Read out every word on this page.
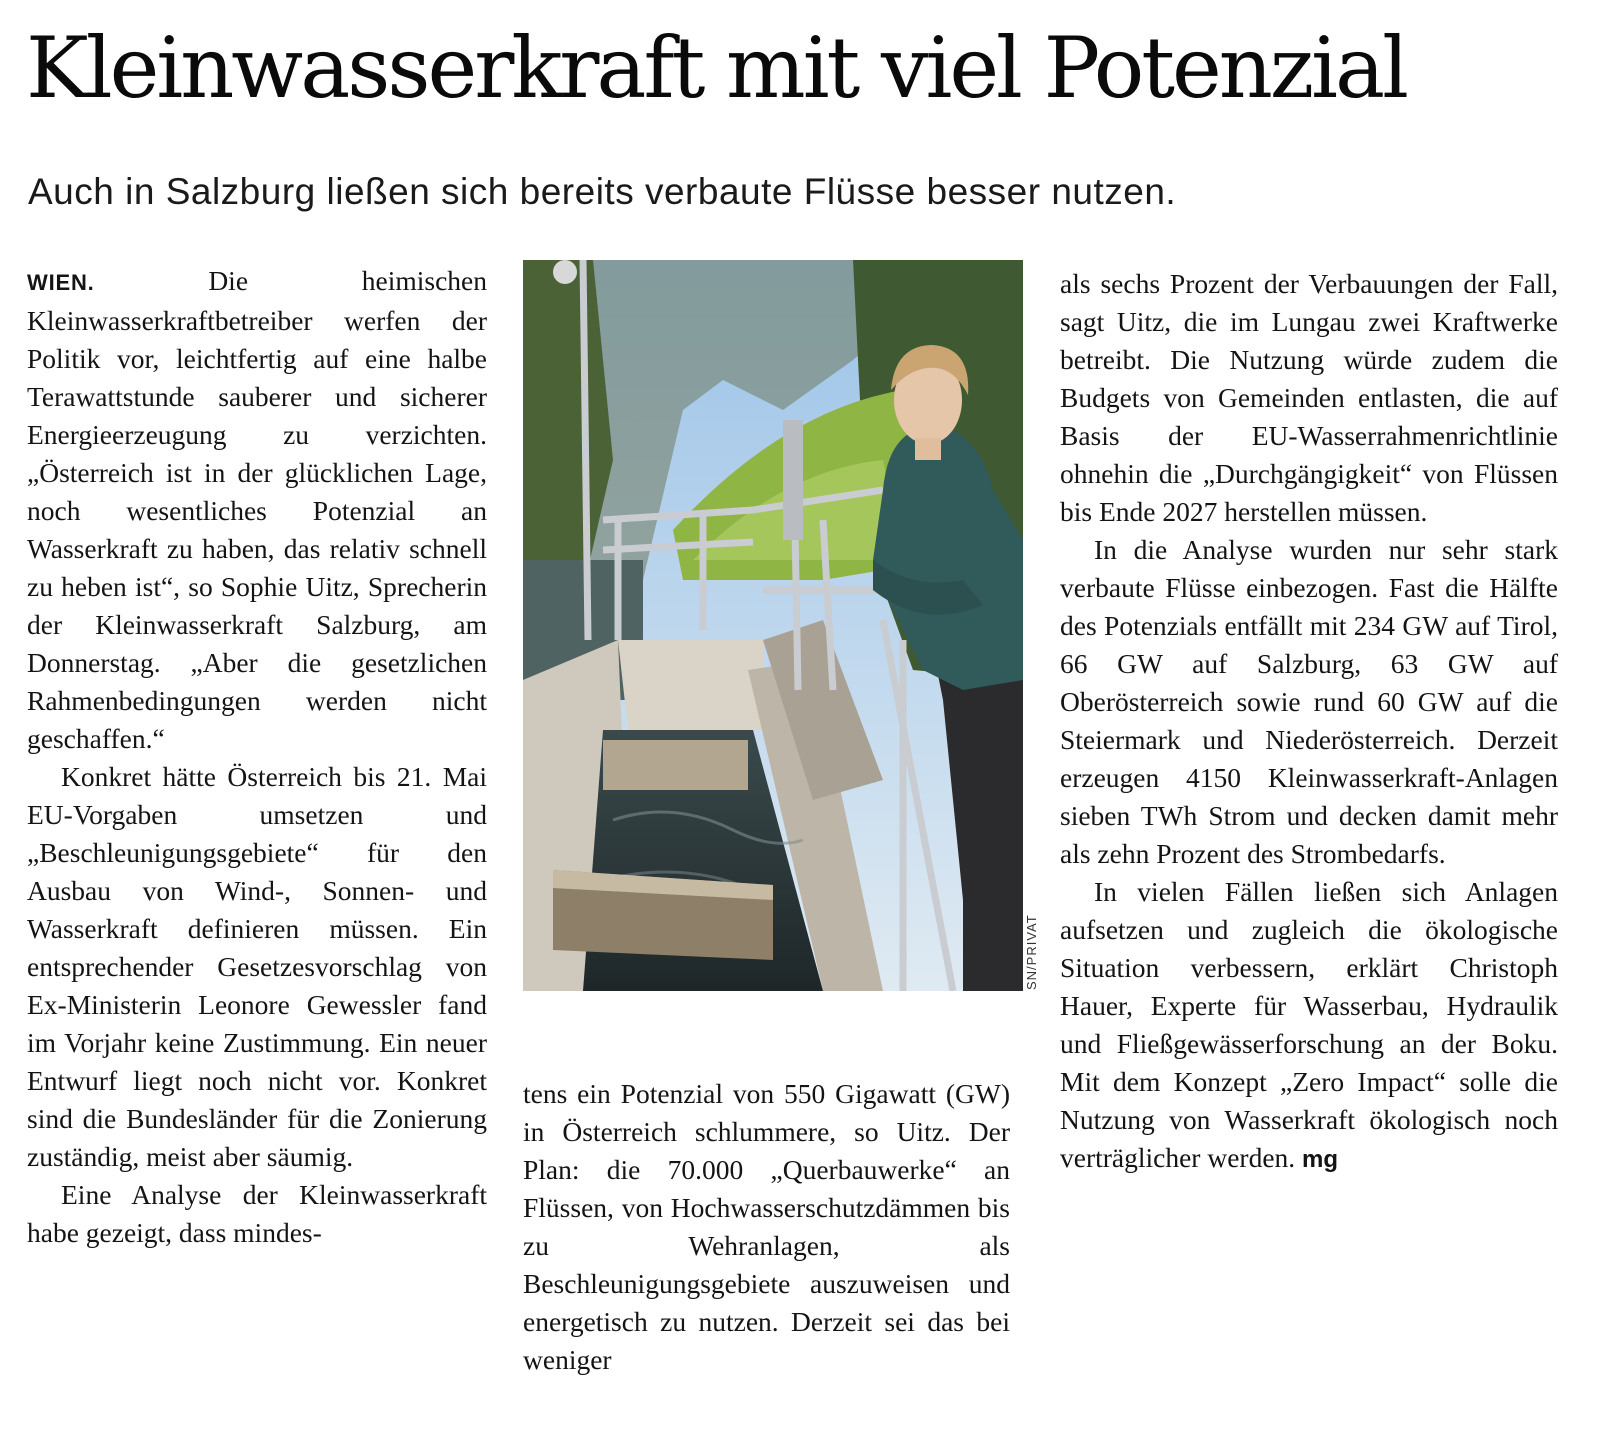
Kleinwasserkraft mit viel Potenzial
Auch in Salzburg ließen sich bereits verbaute Flüsse besser nutzen.

WIEN.	Die heimischen Kleinwasserkraftbetreiber werfen der Politik vor, leichtfertig auf eine halbe Terawattstunde sauberer und sicherer Energieerzeugung zu verzichten. „Österreich ist in der glücklichen Lage, noch wesentliches Potenzial an Wasserkraft zu haben, das relativ schnell zu heben ist“, so Sophie Uitz, Sprecherin der Kleinwasserkraft Salzburg, am Donnerstag. „Aber die gesetzlichen Rahmenbedingungen werden nicht geschaffen.“

Konkret hätte Österreich bis 21. Mai EU-Vorgaben umsetzen und „Beschleunigungsgebiete“ für den Ausbau von Wind-, Sonnen- und Wasserkraft definieren müssen. Ein entsprechender Gesetzesvorschlag von Ex-Ministerin Leonore Gewessler fand im Vorjahr keine Zustimmung. Ein neuer Entwurf liegt noch nicht vor. Konkret sind die Bundesländer für die Zonierung zuständig, meist aber säumig.

Eine Analyse der Kleinwasserkraft habe gezeigt, dass mindes-

SN/PRIVAT

tens ein Potenzial von 550 Gigawatt (GW) in Österreich schlummere, so Uitz. Der Plan: die 70.000 „Querbauwerke“ an Flüssen, von Hochwasserschutzdämmen bis zu Wehranlagen, als Beschleunigungsgebiete auszuweisen und energetisch zu nutzen. Derzeit sei das bei weniger

als sechs Prozent der Verbauungen der Fall, sagt Uitz, die im Lungau zwei Kraftwerke betreibt. Die Nutzung würde zudem die Budgets von Gemeinden entlasten, die auf Basis der EU-Wasserrahmenrichtlinie ohnehin die „Durchgängigkeit“ von Flüssen bis Ende 2027 herstellen müssen.

In die Analyse wurden nur sehr stark verbaute Flüsse einbezogen. Fast die Hälfte des Potenzials entfällt mit 234 GW auf Tirol, 66 GW auf Salzburg, 63 GW auf Oberösterreich sowie rund 60 GW auf die Steiermark und Niederösterreich. Derzeit erzeugen 4150 Kleinwasserkraft-Anlagen sieben TWh Strom und decken damit mehr als zehn Prozent des Strombedarfs.

In vielen Fällen ließen sich Anlagen aufsetzen und zugleich die ökologische Situation verbessern, erklärt Christoph Hauer, Experte für Wasserbau, Hydraulik und Fließgewässerforschung an der Boku. Mit dem Konzept „Zero Impact“ solle die Nutzung von Wasserkraft ökologisch noch verträglicher werden. mg
